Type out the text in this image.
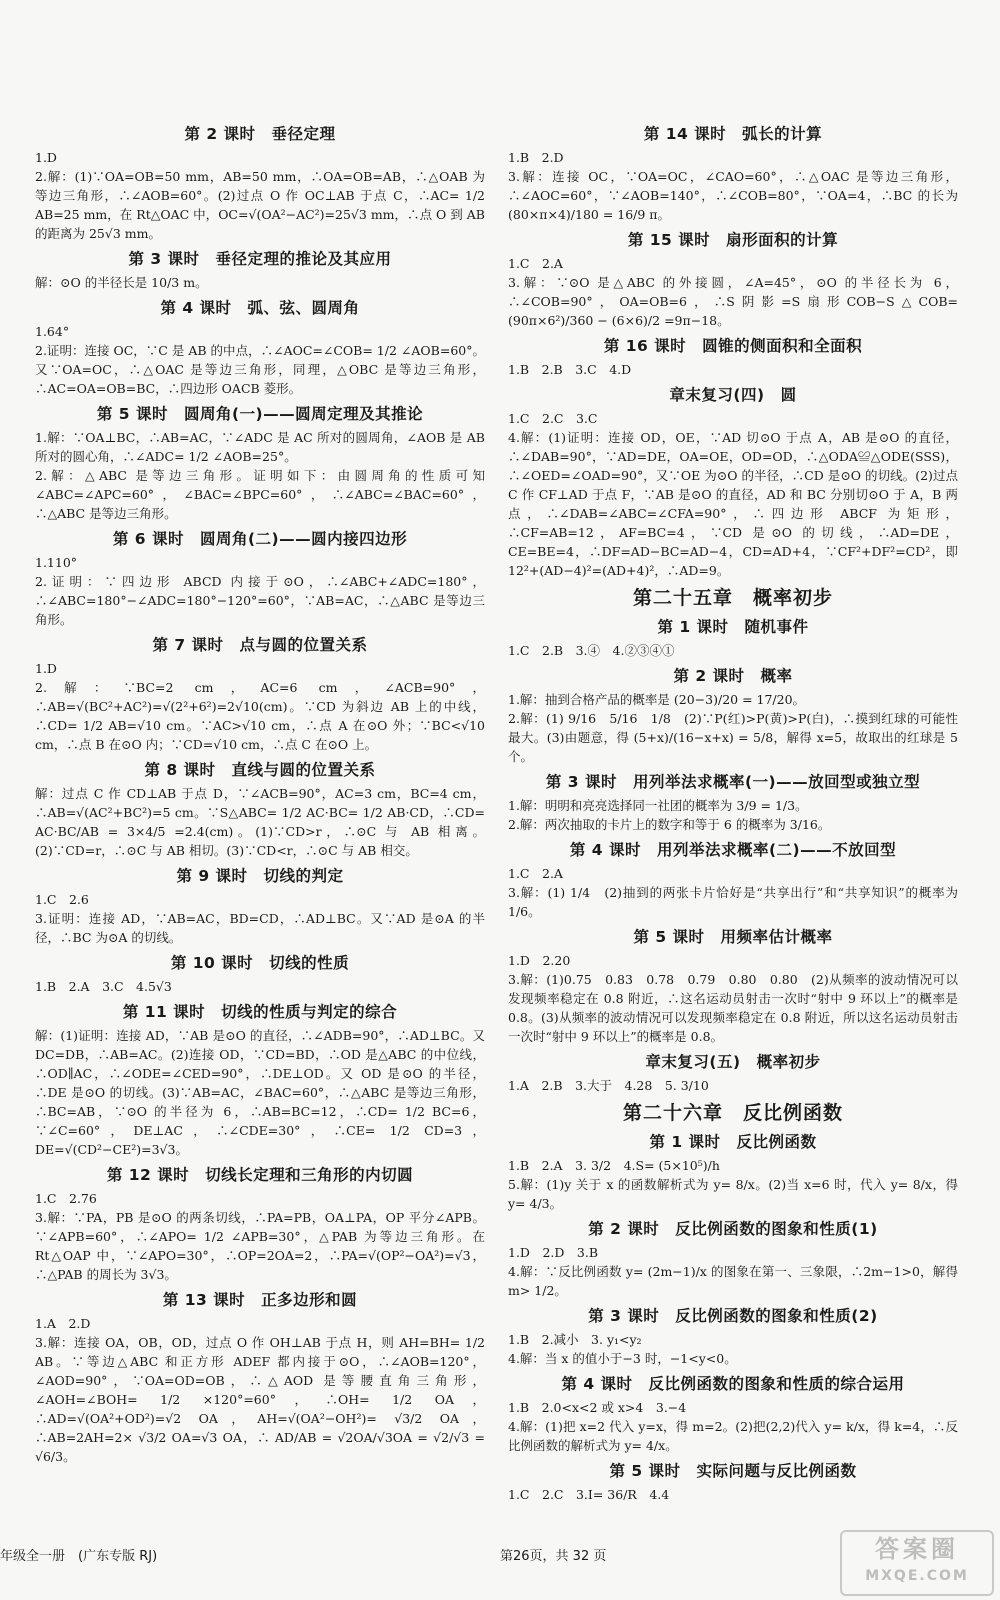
第 2 课时　垂径定理
1.D
2.解：(1)∵OA=OB=50 mm，AB=50 mm，∴OA=OB=AB，∴△OAB 为等边三角形，∴∠AOB=60°。(2)过点 O 作 OC⊥AB 于点 C，∴AC= 1/2 AB=25 mm，在 Rt△OAC 中，OC=√(OA²−AC²)=25√3 mm，∴点 O 到 AB 的距离为 25√3 mm。
第 3 课时　垂径定理的推论及其应用
解：⊙O 的半径长是 10/3 m。
第 4 课时　弧、弦、圆周角
1.64°
2.证明：连接 OC，∵C 是 AB 的中点，∴∠AOC=∠COB= 1/2 ∠AOB=60°。又∵OA=OC，∴△OAC 是等边三角形，同理，△OBC 是等边三角形，∴AC=OA=OB=BC，∴四边形 OACB 菱形。
第 5 课时　圆周角(一)——圆周定理及其推论
1.解：∵OA⊥BC，∴AB=AC，∵∠ADC 是 AC 所对的圆周角，∠AOB 是 AB 所对的圆心角，∴∠ADC= 1/2 ∠AOB=25°。
2.解：△ABC 是等边三角形。证明如下：由圆周角的性质可知∠ABC=∠APC=60°，∠BAC=∠BPC=60°，∴∠ABC=∠BAC=60°，∴△ABC 是等边三角形。
第 6 课时　圆周角(二)——圆内接四边形
1.110°
2.证明：∵四边形 ABCD 内接于⊙O，∴∠ABC+∠ADC=180°，∴∠ABC=180°−∠ADC=180°−120°=60°，∵AB=AC，∴△ABC 是等边三角形。
第 7 课时　点与圆的位置关系
1.D
2.解：∵BC=2 cm，AC=6 cm，∠ACB=90°，∴AB=√(BC²+AC²)=√(2²+6²)=2√10(cm)。∵CD 为斜边 AB 上的中线，∴CD= 1/2 AB=√10 cm。∵AC>√10 cm，∴点 A 在⊙O 外；∵BC<√10 cm，∴点 B 在⊙O 内；∵CD=√10 cm，∴点 C 在⊙O 上。
第 8 课时　直线与圆的位置关系
解：过点 C 作 CD⊥AB 于点 D，∵∠ACB=90°，AC=3 cm，BC=4 cm，∴AB=√(AC²+BC²)=5 cm。∵S△ABC= 1/2 AC·BC= 1/2 AB·CD，∴CD= AC·BC/AB = 3×4/5 =2.4(cm)。(1)∵CD>r，∴⊙C 与 AB 相离。(2)∵CD=r，∴⊙C 与 AB 相切。(3)∵CD<r，∴⊙C 与 AB 相交。
第 9 课时　切线的判定
1.C　2.6
3.证明：连接 AD，∵AB=AC，BD=CD，∴AD⊥BC。又∵AD 是⊙A 的半径，∴BC 为⊙A 的切线。
第 10 课时　切线的性质
1.B　2.A　3.C　4.5√3
第 11 课时　切线的性质与判定的综合
解：(1)证明：连接 AD，∵AB 是⊙O 的直径，∴∠ADB=90°，∴AD⊥BC。又 DC=DB，∴AB=AC。(2)连接 OD，∵CD=BD，∴OD 是△ABC 的中位线，∴OD∥AC，∴∠ODE=∠CED=90°，∴DE⊥OD。又 OD 是⊙O 的半径，∴DE 是⊙O 的切线。(3)∵AB=AC，∠BAC=60°，∴△ABC 是等边三角形，∴BC=AB，∵⊙O 的半径为 6，∴AB=BC=12，∴CD= 1/2 BC=6，∵∠C=60°，DE⊥AC，∴∠CDE=30°，∴CE= 1/2 CD=3，DE=√(CD²−CE²)=3√3。
第 12 课时　切线长定理和三角形的内切圆
1.C　2.76
3.解：∵PA，PB 是⊙O 的两条切线，∴PA=PB，OA⊥PA，OP 平分∠APB。∵∠APB=60°，∴∠APO= 1/2 ∠APB=30°，△PAB 为等边三角形。在 Rt△OAP 中，∵∠APO=30°，∴OP=2OA=2，∴PA=√(OP²−OA²)=√3，∴△PAB 的周长为 3√3。
第 13 课时　正多边形和圆
1.A　2.D
3.解：连接 OA，OB，OD，过点 O 作 OH⊥AB 于点 H，则 AH=BH= 1/2 AB。∵等边△ABC 和正方形 ADEF 都内接于⊙O，∴∠AOB=120°，∠AOD=90°，∵OA=OD=OB，∴△AOD 是等腰直角三角形，∠AOH=∠BOH= 1/2 ×120°=60°，∴OH= 1/2 OA，∴AD=√(OA²+OD²)=√2 OA，AH=√(OA²−OH²)= √3/2 OA，∴AB=2AH=2× √3/2 OA=√3 OA，∴ AD/AB = √2OA/√3OA = √2/√3 = √6/3。
第 14 课时　弧长的计算
1.B　2.D
3.解：连接 OC，∵OA=OC，∠CAO=60°，∴△OAC 是等边三角形，∴∠AOC=60°，∵∠AOB=140°，∴∠COB=80°，∵OA=4，∴BC 的长为 (80×π×4)/180 = 16/9 π。
第 15 课时　扇形面积的计算
1.C　2.A
3.解：∵⊙O 是△ABC 的外接圆，∠A=45°，⊙O 的半径长为 6，∴∠COB=90°，OA=OB=6，∴S阴影=S扇形COB−S△COB= (90π×6²)/360 − (6×6)/2 =9π−18。
第 16 课时　圆锥的侧面积和全面积
1.B　2.B　3.C　4.D
章末复习(四)　圆
1.C　2.C　3.C
4.解：(1)证明：连接 OD，OE，∵AD 切⊙O 于点 A，AB 是⊙O 的直径，∴∠DAB=90°，∵AD=DE，OA=OE，OD=OD，∴△ODA≌△ODE(SSS)，∴∠OED=∠OAD=90°，又∵OE 为⊙O 的半径，∴CD 是⊙O 的切线。(2)过点 C 作 CF⊥AD 于点 F，∵AB 是⊙O 的直径，AD 和 BC 分别切⊙O 于 A，B 两点，∴∠DAB=∠ABC=∠CFA=90°，∴四边形 ABCF 为矩形，∴CF=AB=12，AF=BC=4，∵CD 是⊙O 的切线，∴AD=DE，CE=BE=4，∴DF=AD−BC=AD−4，CD=AD+4，∵CF²+DF²=CD²，即 12²+(AD−4)²=(AD+4)²，∴AD=9。
第二十五章　概率初步
第 1 课时　随机事件
1.C　2.B　3.④　4.②③④①
第 2 课时　概率
1.解：抽到合格产品的概率是 (20−3)/20 = 17/20。
2.解：(1) 9/16　5/16　1/8　(2)∵P(红)>P(黄)>P(白)，∴摸到红球的可能性最大。(3)由题意，得 (5+x)/(16−x+x) = 5/8，解得 x=5，故取出的红球是 5 个。
第 3 课时　用列举法求概率(一)——放回型或独立型
1.解：明明和亮亮选择同一社团的概率为 3/9 = 1/3。
2.解：两次抽取的卡片上的数字和等于 6 的概率为 3/16。
第 4 课时　用列举法求概率(二)——不放回型
1.C　2.A
3.解：(1) 1/4　(2)抽到的两张卡片恰好是“共享出行”和“共享知识”的概率为 1/6。
第 5 课时　用频率估计概率
1.D　2.20
3.解：(1)0.75　0.83　0.78　0.79　0.80　0.80　(2)从频率的波动情况可以发现频率稳定在 0.8 附近，∴这名运动员射击一次时“射中 9 环以上”的概率是 0.8。(3)从频率的波动情况可以发现频率稳定在 0.8 附近，所以这名运动员射击一次时“射中 9 环以上”的概率是 0.8。
章末复习(五)　概率初步
1.A　2.B　3.大于　4.28　5. 3/10
第二十六章　反比例函数
第 1 课时　反比例函数
1.B　2.A　3. 3/2　4.S= (5×10⁵)/h
5.解：(1)y 关于 x 的函数解析式为 y= 8/x。(2)当 x=6 时，代入 y= 8/x，得 y= 4/3。
第 2 课时　反比例函数的图象和性质(1)
1.D　2.D　3.B
4.解：∵反比例函数 y= (2m−1)/x 的图象在第一、三象限，∴2m−1>0，解得 m> 1/2。
第 3 课时　反比例函数的图象和性质(2)
1.B　2.减小　3. y₁<y₂
4.解：当 x 的值小于−3 时，−1<y<0。
第 4 课时　反比例函数的图象和性质的综合运用
1.B　2.0<x<2 或 x>4　3.−4
4.解：(1)把 x=2 代入 y=x，得 m=2。(2)把(2,2)代入 y= k/x，得 k=4，∴反比例函数的解析式为 y= 4/x。
第 5 课时　实际问题与反比例函数
1.C　2.C　3.I= 36/R　4.4
年级全一册　(广东专版 RJ)	第26页，共 32 页	答案圈
MXQE.COM
